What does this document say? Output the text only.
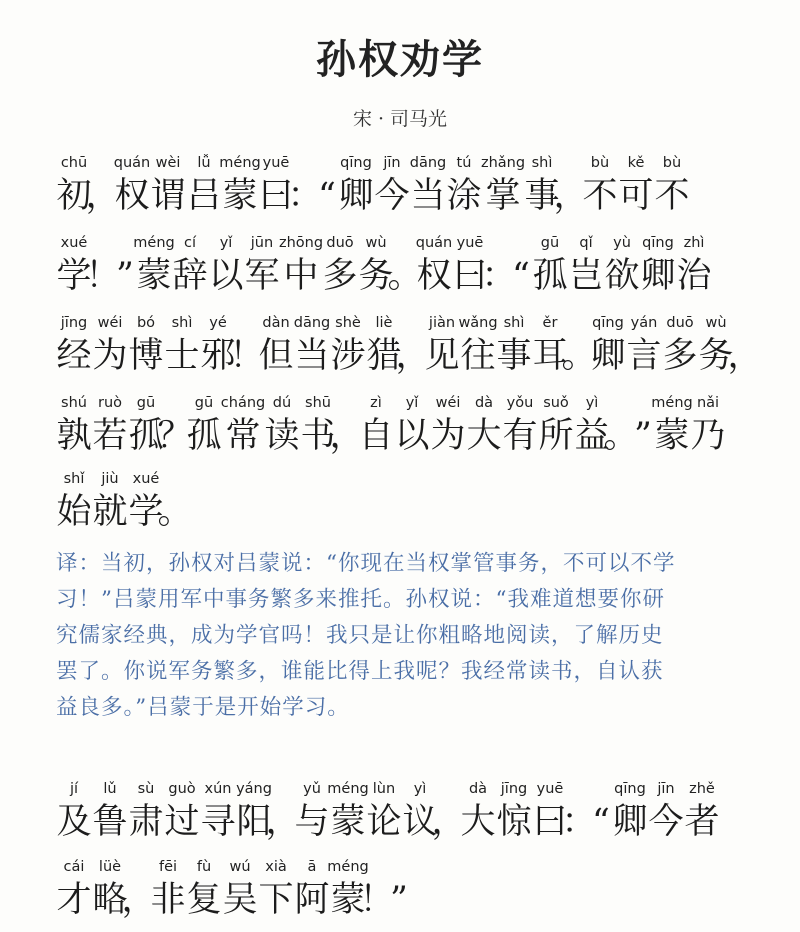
孙权劝学
宋 · 司马光
chū
初

，
quán
权
wèi
谓
lǚ
吕
méng
蒙
yuē
曰

：

“
qīng
卿
jīn
今
dāng
当
tú
涂
zhǎng
掌
shì
事

，
bù
不
kě
可
bù
不
xué
学

！

”
méng
蒙
cí
辞
yǐ
以
jūn
军
zhōng
中
duō
多
wù
务

。
quán
权
yuē
曰

：

“
gū
孤
qǐ
岂
yù
欲
qīng
卿
zhì
治
jīng
经
wéi
为
bó
博
shì
士
yé
邪

！
dàn
但
dāng
当
shè
涉
liè
猎

，
jiàn
见
wǎng
往
shì
事
ěr
耳

。
qīng
卿
yán
言
duō
多
wù
务

，
shú
孰
ruò
若
gū
孤

？
gū
孤
cháng
常
dú
读
shū
书

，
zì
自
yǐ
以
wéi
为
dà
大
yǒu
有
suǒ
所
yì
益

。

”
méng
蒙
nǎi
乃
shǐ
始
jiù
就
xué
学

。

译：当初，孙权对吕蒙说：“你现在当权掌管事务，不可以不学

习！”吕蒙用军中事务繁多来推托。孙权说：“我难道想要你研

究儒家经典，成为学官吗！我只是让你粗略地阅读，了解历史

罢了。你说军务繁多，谁能比得上我呢？我经常读书，自认获

益良多。”吕蒙于是开始学习。

jí
及
lǔ
鲁
sù
肃
guò
过
xún
寻
yáng
阳

，
yǔ
与
méng
蒙
lùn
论
yì
议

，
dà
大
jīng
惊
yuē
曰

：

“
qīng
卿
jīn
今
zhě
者
cái
才
lüè
略

，
fēi
非
fù
复
wú
吴
xià
下
ā
阿
méng
蒙

！

”
